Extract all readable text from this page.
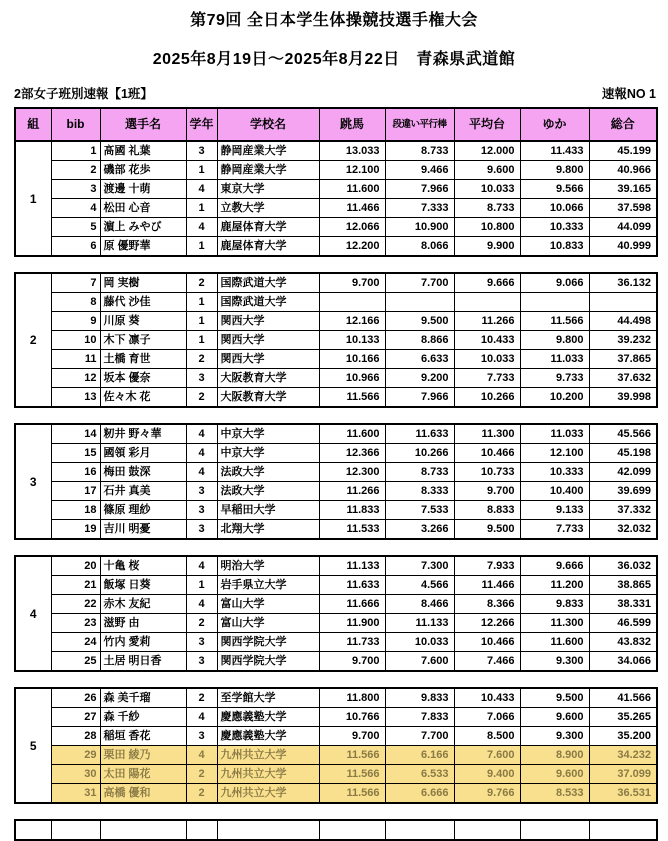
第79回 全日本学生体操競技選手権大会
2025年8月19日～2025年8月22日　青森県武道館
2部女子班別速報【1班】	速報NO 1
組	bib	選手名	学年	学校名	跳馬	段違い平行棒	平均台	ゆか	総合
1	1	髙國 礼葉	3	静岡産業大学	13.033	8.733	12.000	11.433	45.199
	2	磯部 花歩	1	静岡産業大学	12.100	9.466	9.600	9.800	40.966
	3	渡邊 十萌	4	東京大学	11.600	7.966	10.033	9.566	39.165
	4	松田 心音	1	立教大学	11.466	7.333	8.733	10.066	37.598
	5	濵上 みやび	4	鹿屋体育大学	12.066	10.900	10.800	10.333	44.099
	6	原 優野華	1	鹿屋体育大学	12.200	8.066	9.900	10.833	40.999
2	7	岡 実樹	2	国際武道大学	9.700	7.700	9.666	9.066	36.132
	8	藤代 沙佳	1	国際武道大学					
	9	川原 葵	1	関西大学	12.166	9.500	11.266	11.566	44.498
	10	木下 凛子	1	関西大学	10.133	8.866	10.433	9.800	39.232
	11	土橋 育世	2	関西大学	10.166	6.633	10.033	11.033	37.865
	12	坂本 優奈	3	大阪教育大学	10.966	9.200	7.733	9.733	37.632
	13	佐々木 花	2	大阪教育大学	11.566	7.966	10.266	10.200	39.998
3	14	籾井 野々華	4	中京大学	11.600	11.633	11.300	11.033	45.566
	15	國領 彩月	4	中京大学	12.366	10.266	10.466	12.100	45.198
	16	梅田 鼓深	4	法政大学	12.300	8.733	10.733	10.333	42.099
	17	石井 真美	3	法政大学	11.266	8.333	9.700	10.400	39.699
	18	篠原 理紗	3	早稲田大学	11.833	7.533	8.833	9.133	37.332
	19	吉川 明憂	3	北翔大学	11.533	3.266	9.500	7.733	32.032
4	20	十亀 桜	4	明治大学	11.133	7.300	7.933	9.666	36.032
	21	飯塚 日葵	1	岩手県立大学	11.633	4.566	11.466	11.200	38.865
	22	赤木 友紀	4	富山大学	11.666	8.466	8.366	9.833	38.331
	23	滋野 由	2	富山大学	11.900	11.133	12.266	11.300	46.599
	24	竹内 愛莉	3	関西学院大学	11.733	10.033	10.466	11.600	43.832
	25	土居 明日香	3	関西学院大学	9.700	7.600	7.466	9.300	34.066
5	26	森 美千瑠	2	至学館大学	11.800	9.833	10.433	9.500	41.566
	27	森 千紗	4	慶應義塾大学	10.766	7.833	7.066	9.600	35.265
	28	稲垣 香花	3	慶應義塾大学	9.700	7.700	8.500	9.300	35.200
	29	栗田 綾乃	4	九州共立大学	11.566	6.166	7.600	8.900	34.232
	30	太田 陽花	2	九州共立大学	11.566	6.533	9.400	9.600	37.099
	31	高橋 優和	2	九州共立大学	11.566	6.666	9.766	8.533	36.531
